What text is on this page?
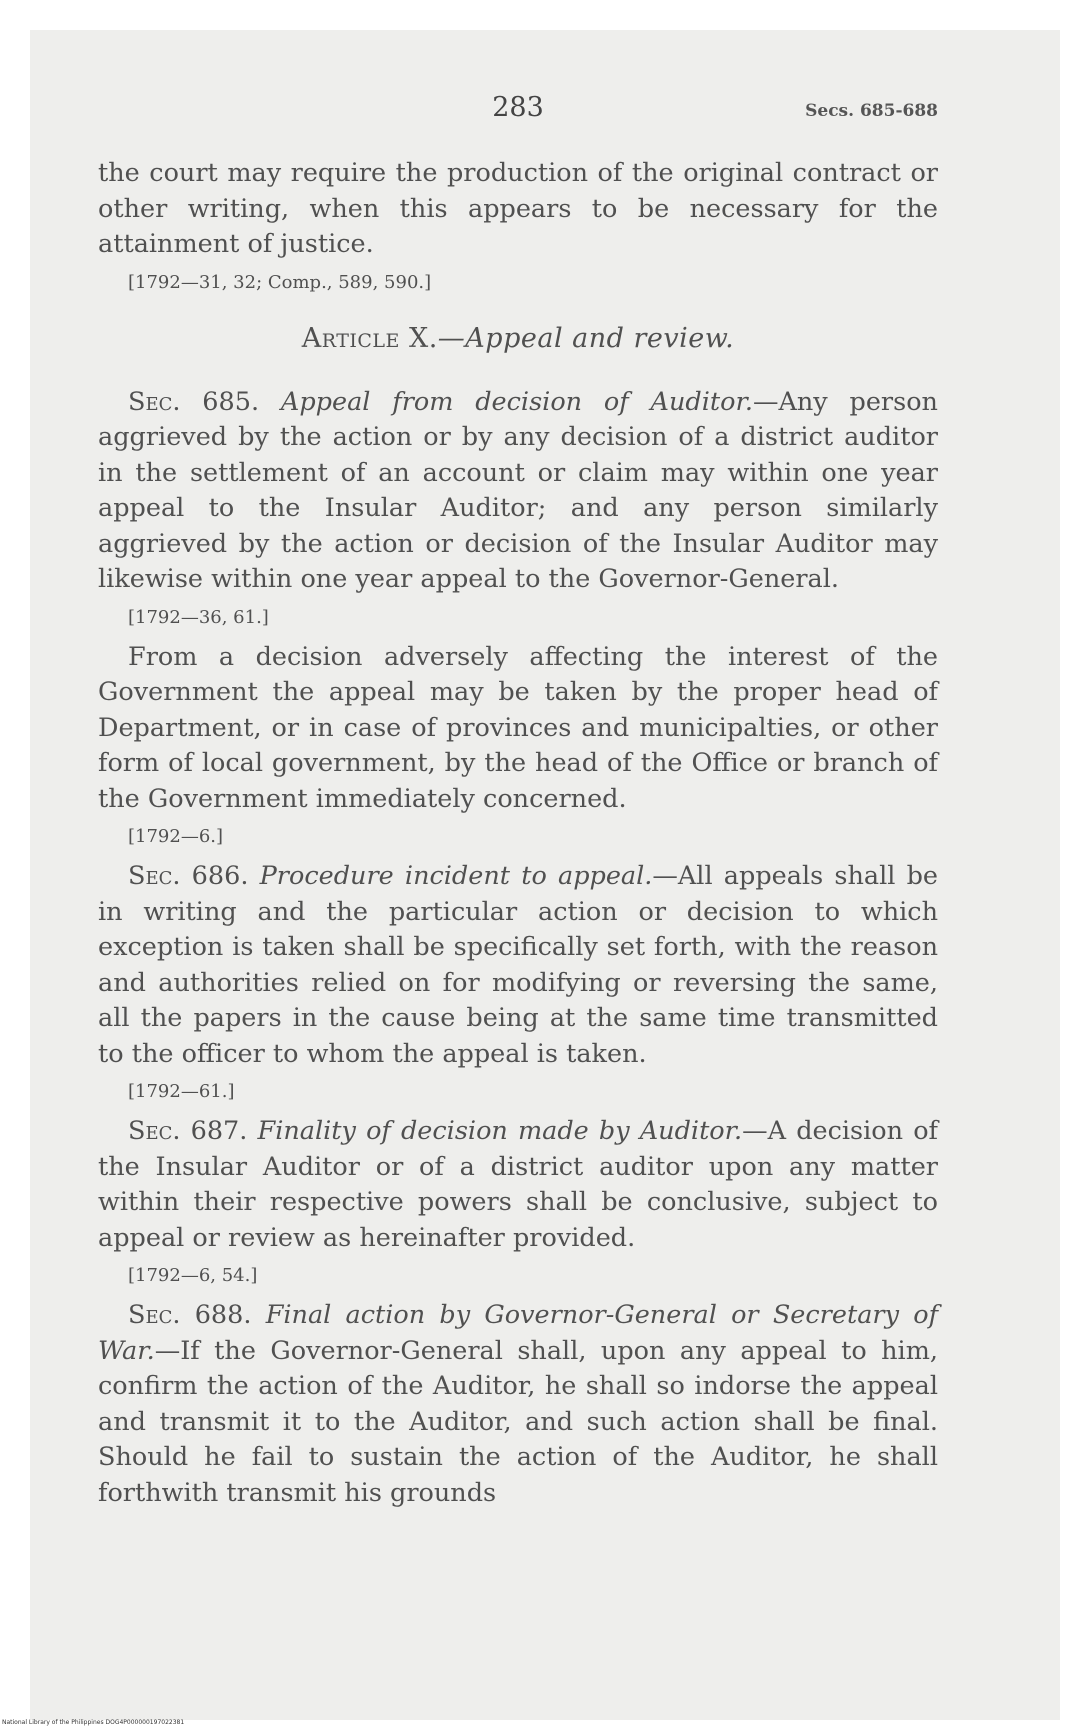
283	Secs. 685-688

the court may require the production of the original contract or other writing, when this appears to be necessary for the attainment of justice.

[1792—31, 32; Comp., 589, 590.]

Article X.—Appeal and review.

Sec. 685. Appeal from decision of Auditor.—Any person aggrieved by the action or by any decision of a district auditor in the settlement of an account or claim may within one year appeal to the Insular Auditor; and any person similarly aggrieved by the action or decision of the Insular Auditor may likewise within one year appeal to the Governor-General.

[1792—36, 61.]

From a decision adversely affecting the interest of the Government the appeal may be taken by the proper head of Department, or in case of provinces and municipalties, or other form of local government, by the head of the Office or branch of the Government immediately concerned.

[1792—6.]

Sec. 686. Procedure incident to appeal.—All appeals shall be in writing and the particular action or decision to which exception is taken shall be specifically set forth, with the reason and authorities relied on for modifying or reversing the same, all the papers in the cause being at the same time transmitted to the officer to whom the appeal is taken.

[1792—61.]

Sec. 687. Finality of decision made by Auditor.—A decision of the Insular Auditor or of a district auditor upon any matter within their respective powers shall be conclusive, subject to appeal or review as hereinafter provided.

[1792—6, 54.]

Sec. 688. Final action by Governor-General or Secretary of War.—If the Governor-General shall, upon any appeal to him, confirm the action of the Auditor, he shall so indorse the appeal and transmit it to the Auditor, and such action shall be final. Should he fail to sustain the action of the Auditor, he shall forthwith transmit his grounds

National Library of the Philippines DOG4P000000197022381
